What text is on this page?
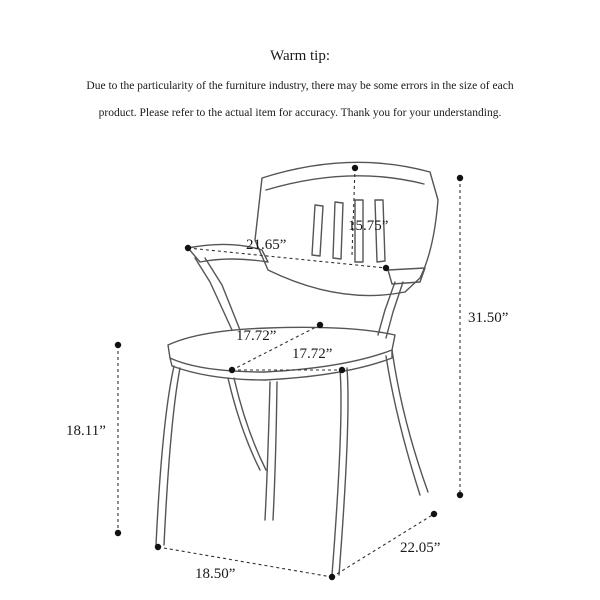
Warm tip:
Due to the particularity of the furniture industry, there may be some errors in the size of each
product. Please refer to the actual item for accuracy. Thank you for your understanding.
15.75”
21.65”
17.72”
17.72”
31.50”
18.11”
18.50”
22.05”
